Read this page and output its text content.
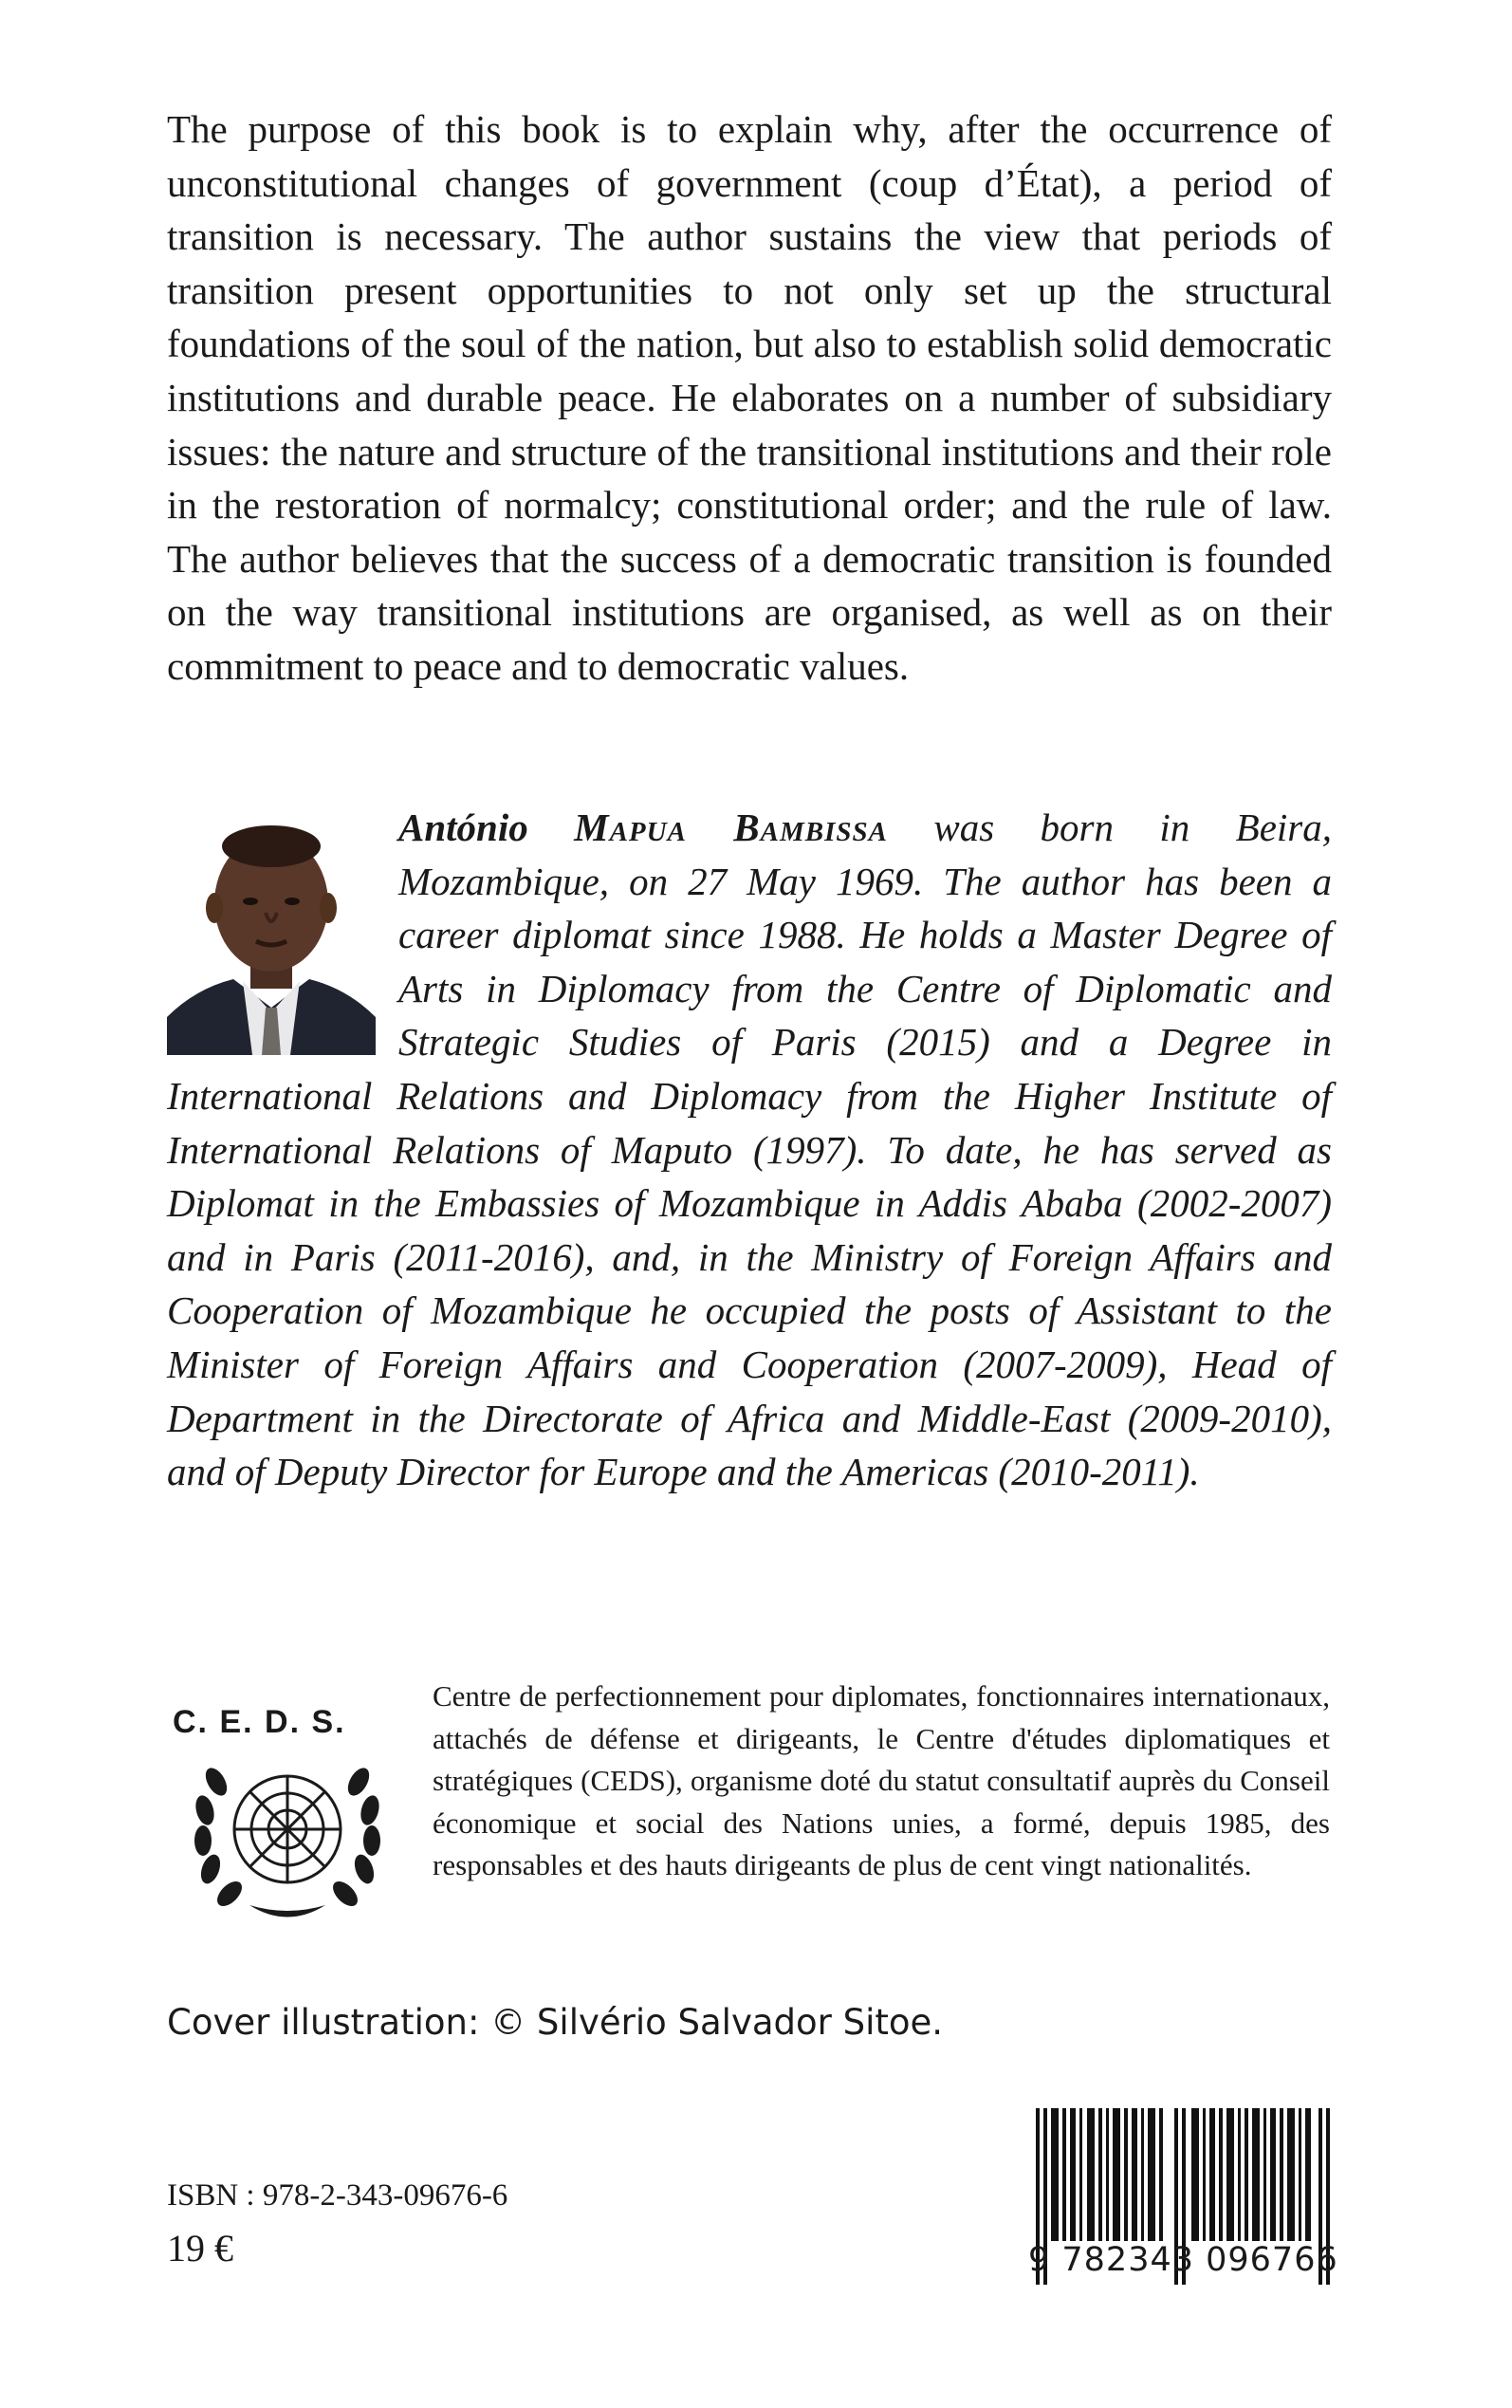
The purpose of this book is to explain why, after the occurrence of unconstitutional changes of government (coup d’État), a period of transition is necessary. The author sustains the view that periods of transition present opportunities to not only set up the structural foundations of the soul of the nation, but also to establish solid democratic institutions and durable peace. He elaborates on a number of subsidiary issues: the nature and structure of the transitional institutions and their role in the restoration of normalcy; constitutional order; and the rule of law. The author believes that the success of a democratic transition is founded on the way transitional institutions are organised, as well as on their commitment to peace and to democratic values.

António Mapua Bambissa was born in Beira, Mozambique, on 27 May 1969. The author has been a career diplomat since 1988. He holds a Master Degree of Arts in Diplomacy from the Centre of Diplomatic and Strategic Studies of Paris (2015) and a Degree in International Relations and Diplomacy from the Higher Institute of International Relations of Maputo (1997). To date, he has served as Diplomat in the Embassies of Mozambique in Addis Ababa (2002-2007) and in Paris (2011-2016), and, in the Ministry of Foreign Affairs and Cooperation of Mozambique he occupied the posts of Assistant to the Minister of Foreign Affairs and Cooperation (2007-2009), Head of Department in the Directorate of Africa and Middle-East (2009-2010), and of Deputy Director for Europe and the Americas (2010-2011).

C. E. D. S.

Centre de perfectionnement pour diplomates, fonctionnaires internationaux, attachés de défense et dirigeants, le Centre d'études diplomatiques et stratégiques (CEDS), organisme doté du statut consultatif auprès du Conseil économique et social des Nations unies, a formé, depuis 1985, des responsables et des hauts dirigeants de plus de cent vingt nationalités.

Cover illustration: © Silvério Salvador Sitoe.
ISBN : 978-2-343-09676-6
19 €	9 782343 096766
